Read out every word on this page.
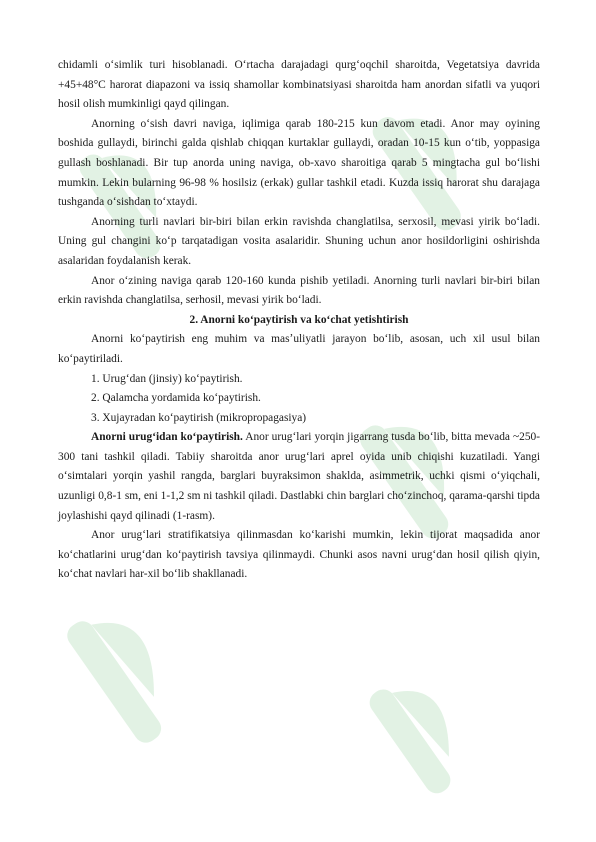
chidamli oʻsimlik turi hisoblanadi. Oʻrtacha darajadagi qurgʻoqchil sharoitda, Vegetatsiya davrida +45+48°C harorat diapazoni va issiq shamollar kombinatsiyasi sharoitda ham anordan sifatli va yuqori hosil olish mumkinligi qayd qilingan.

Anorning oʻsish davri naviga, iqlimiga qarab 180-215 kun davom etadi. Anor may oyining boshida gullaydi, birinchi galda qishlab chiqqan kurtaklar gullaydi, oradan 10-15 kun oʻtib, yoppasiga gullash boshlanadi. Bir tup anorda uning naviga, ob-xavo sharoitiga qarab 5 mingtacha gul boʻlishi mumkin. Lekin bularning 96-98 % hosilsiz (erkak) gullar tashkil etadi. Kuzda issiq harorat shu darajaga tushganda oʻsishdan toʻxtaydi.

Anorning turli navlari bir-biri bilan erkin ravishda changlatilsa, serxosil, mevasi yirik boʻladi. Uning gul changini koʻp tarqatadigan vosita asalaridir. Shuning uchun anor hosildorligini oshirishda asalaridan foydalanish kerak.

Anor oʻzining naviga qarab 120-160 kunda pishib yetiladi. Anorning turli navlari bir-biri bilan erkin ravishda changlatilsa, serhosil, mevasi yirik boʻladi.

2. Anorni koʻpaytirish va koʻchat yetishtirish

Anorni koʻpaytirish eng muhim va masʼuliyatli jarayon boʻlib, asosan, uch xil usul bilan koʻpaytiriladi.

1. Urugʻdan (jinsiy) koʻpaytirish.

2. Qalamcha yordamida koʻpaytirish.

3. Xujayradan koʻpaytirish (mikropropagasiya)

Anorni urugʻidan koʻpaytirish. Anor urugʻlari yorqin jigarrang tusda boʻlib, bitta mevada ~250-300 tani tashkil qiladi. Tabiiy sharoitda anor urugʻlari aprel oyida unib chiqishi kuzatiladi. Yangi oʻsimtalari yorqin yashil rangda, barglari buyraksimon shaklda, asimmetrik, uchki qismi oʻyiqchali, uzunligi 0,8-1 sm, eni 1-1,2 sm ni tashkil qiladi. Dastlabki chin barglari choʻzinchoq, qarama-qarshi tipda joylashishi qayd qilinadi (1-rasm).

Anor urugʻlari stratifikatsiya qilinmasdan koʻkarishi mumkin, lekin tijorat maqsadida anor koʻchatlarini urugʻdan koʻpaytirish tavsiya qilinmaydi. Chunki asos navni urugʻdan hosil qilish qiyin, koʻchat navlari har-xil boʻlib shakllanadi.
